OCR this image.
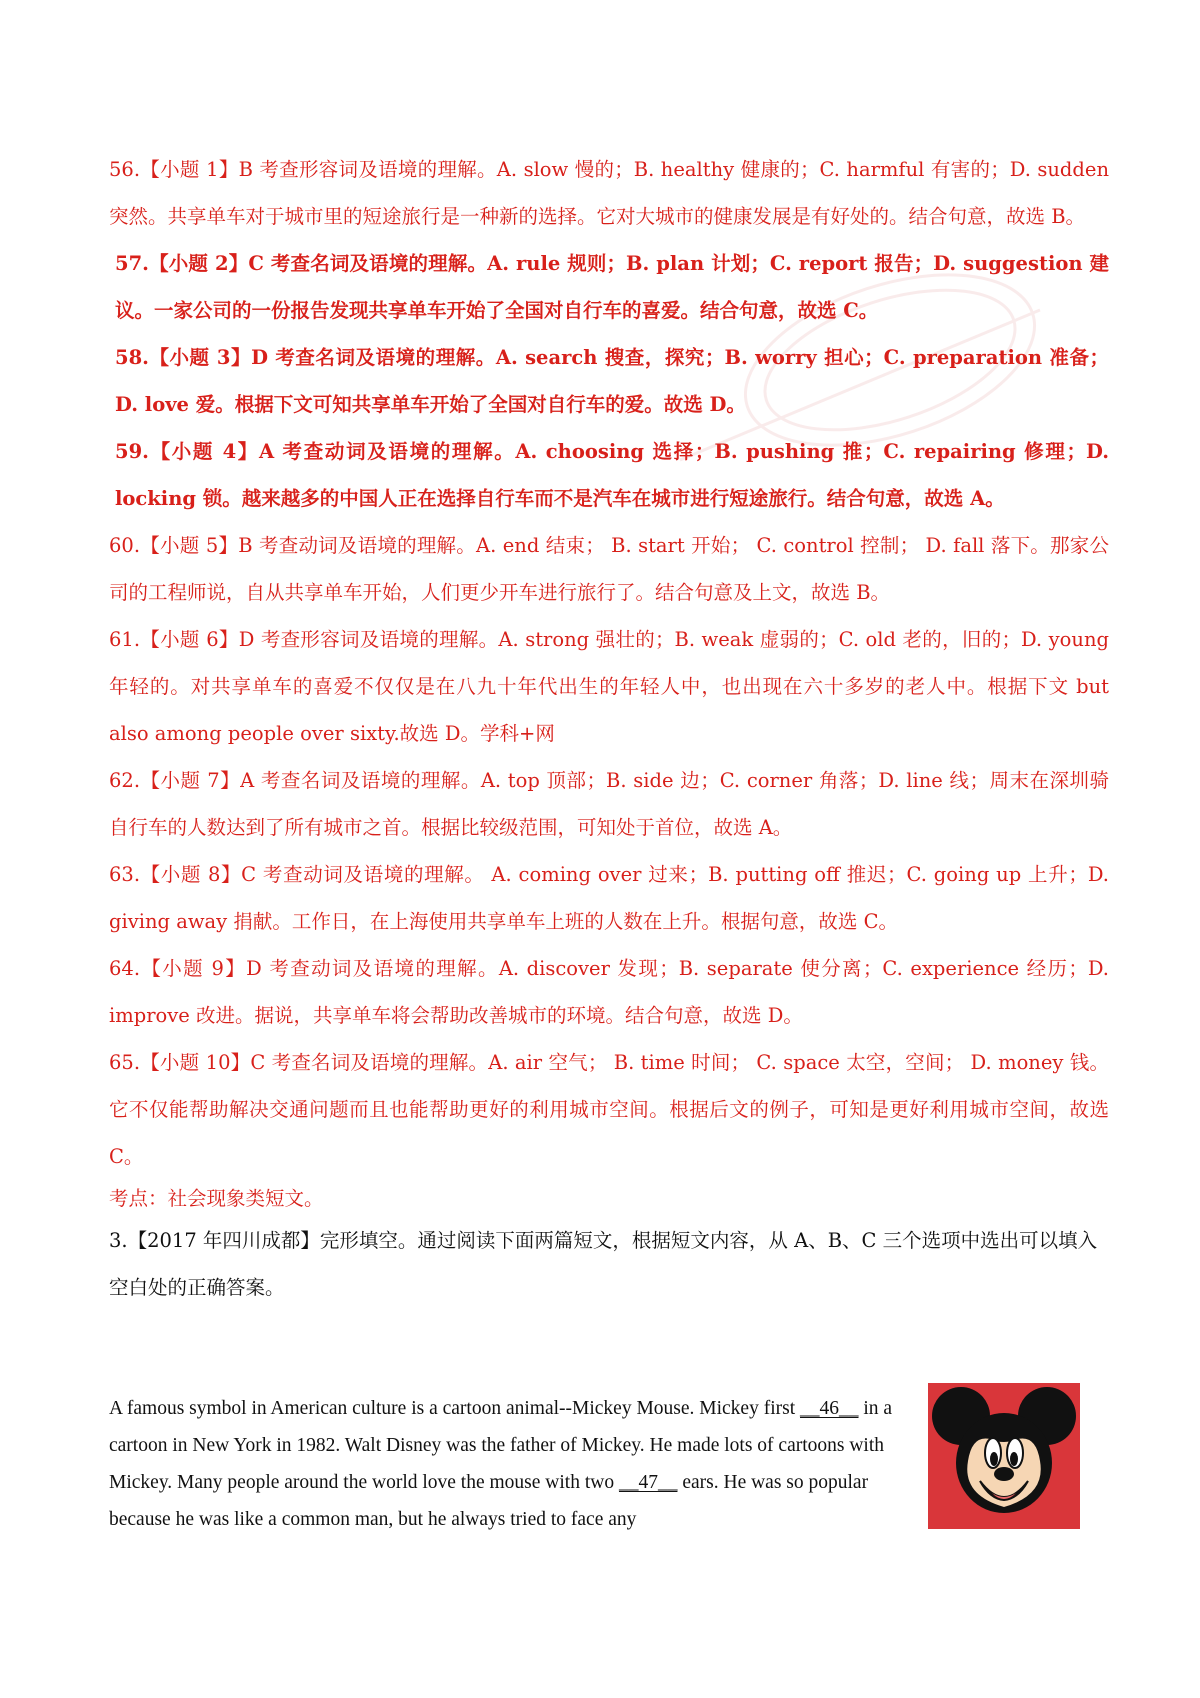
56.【小题 1】B 考查形容词及语境的理解。A. slow 慢的；B. healthy 健康的；C. harmful 有害的；D. sudden 突然。共享单车对于城市里的短途旅行是一种新的选择。它对大城市的健康发展是有好处的。结合句意，故选 B。

57.【小题 2】C 考查名词及语境的理解。A. rule 规则；B. plan 计划；C. report 报告；D. suggestion 建议。一家公司的一份报告发现共享单车开始了全国对自行车的喜爱。结合句意，故选 C。

58.【小题 3】D 考查名词及语境的理解。A. search 搜查，探究；B. worry 担心；C. preparation 准备；D. love 爱。根据下文可知共享单车开始了全国对自行车的爱。故选 D。

59.【小题 4】A 考查动词及语境的理解。A. choosing 选择；B. pushing 推；C. repairing 修理；D. locking 锁。越来越多的中国人正在选择自行车而不是汽车在城市进行短途旅行。结合句意，故选 A。

60.【小题 5】B 考查动词及语境的理解。A. end 结束； B. start 开始； C. control 控制； D. fall 落下。那家公司的工程师说，自从共享单车开始，人们更少开车进行旅行了。结合句意及上文，故选 B。

61.【小题 6】D 考查形容词及语境的理解。A. strong 强壮的；B. weak 虚弱的；C. old 老的，旧的；D. young 年轻的。对共享单车的喜爱不仅仅是在八九十年代出生的年轻人中，也出现在六十多岁的老人中。根据下文 but also among people over sixty.故选 D。学科+网

62.【小题 7】A 考查名词及语境的理解。A. top 顶部；B. side 边；C. corner 角落；D. line 线；周末在深圳骑自行车的人数达到了所有城市之首。根据比较级范围，可知处于首位，故选 A。

63.【小题 8】C 考查动词及语境的理解。 A. coming over 过来；B. putting off 推迟；C. going up 上升；D. giving away 捐献。工作日，在上海使用共享单车上班的人数在上升。根据句意，故选 C。

64.【小题 9】D 考查动词及语境的理解。A. discover 发现；B. separate 使分离；C. experience 经历；D. improve 改进。据说，共享单车将会帮助改善城市的环境。结合句意，故选 D。

65.【小题 10】C 考查名词及语境的理解。A. air 空气； B. time 时间； C. space 太空，空间； D. money 钱。它不仅能帮助解决交通问题而且也能帮助更好的利用城市空间。根据后文的例子，可知是更好利用城市空间，故选 C。

考点：社会现象类短文。

3.【2017 年四川成都】完形填空。通过阅读下面两篇短文，根据短文内容，从 A、B、C 三个选项中选出可以填入空白处的正确答案。

A famous symbol in American culture is a cartoon animal--Mickey Mouse. Mickey first __46__ in a cartoon in New York in 1982. Walt Disney was the father of Mickey. He made lots of cartoons with Mickey. Many people around the world love the mouse with two __47__ ears. He was so popular because he was like a common man, but he always tried to face any
